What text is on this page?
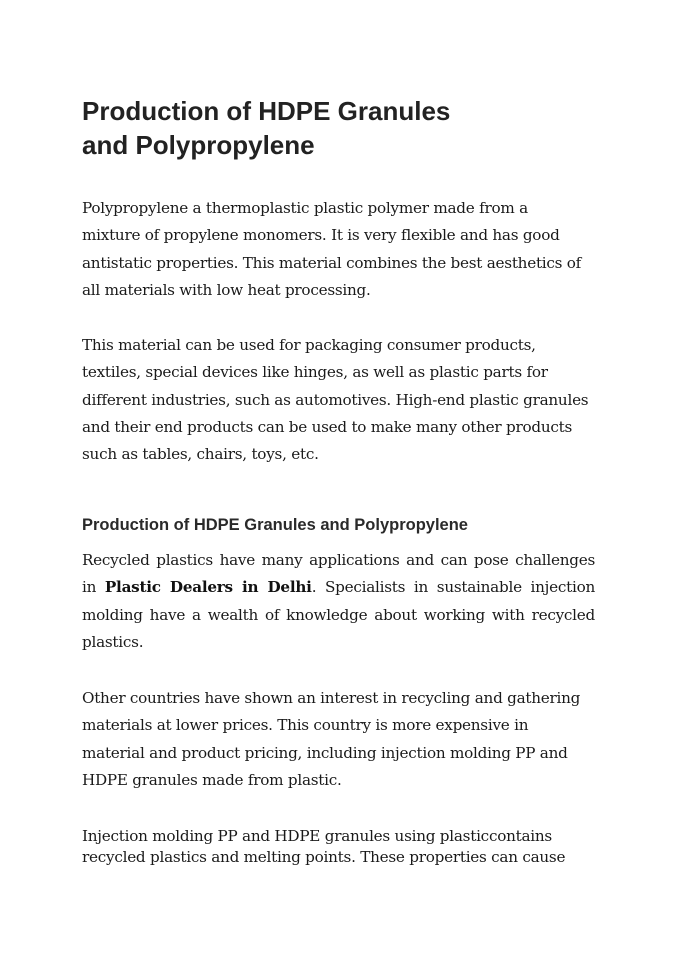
Production of HDPE Granules
and Polypropylene

Polypropylene a thermoplastic plastic polymer made from a
mixture of propylene monomers. It is very flexible and has good
antistatic properties. This material combines the best aesthetics of
all materials with low heat processing.

This material can be used for packaging consumer products,
textiles, special devices like hinges, as well as plastic parts for
different industries, such as automotives. High-end plastic granules
and their end products can be used to make many other products
such as tables, chairs, toys, etc.

Production of HDPE Granules and Polypropylene

Recycled plastics have many applications and can pose challenges in Plastic Dealers in Delhi. Specialists in sustainable injection molding have a wealth of knowledge about working with recycled plastics.

Other countries have shown an interest in recycling and gathering
materials at lower prices. This country is more expensive in
material and product pricing, including injection molding PP and
HDPE granules made from plastic.

Injection molding PP and HDPE granules using plasticcontains
recycled plastics and melting points. These properties can cause
